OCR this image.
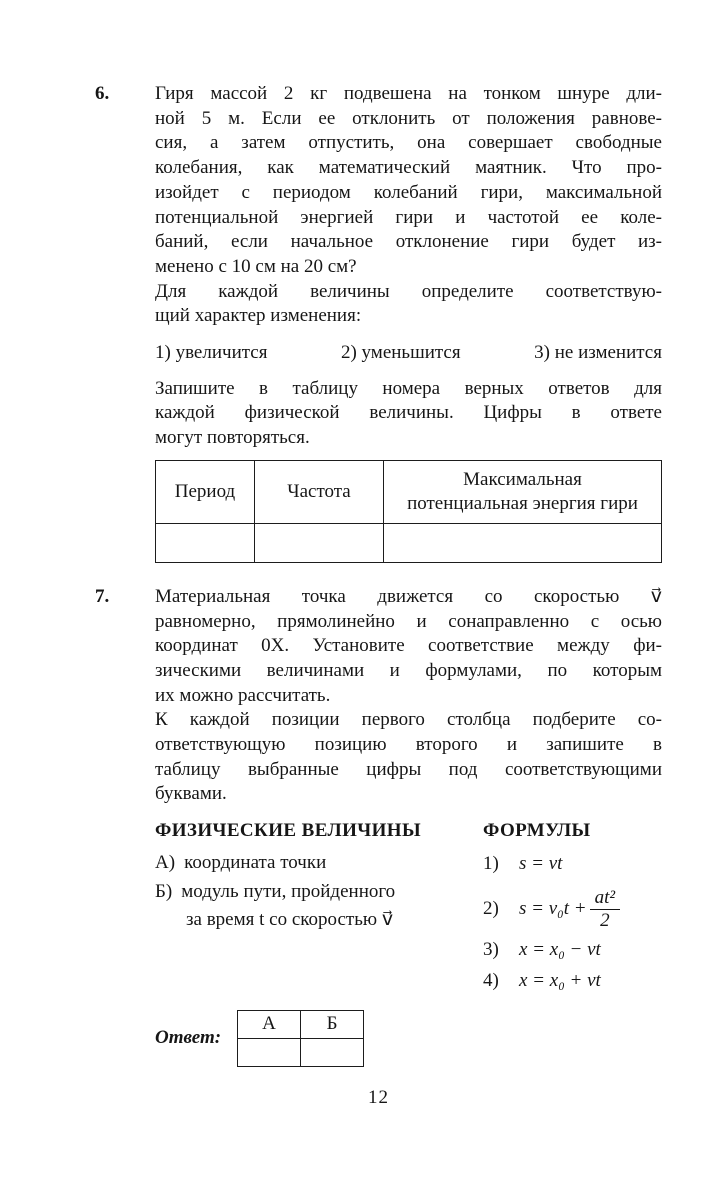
6.	Гиря массой 2 кг подвешена на тонком шнуре дли-
ной 5 м. Если ее отклонить от положения равнове-
сия, а затем отпустить, она совершает свободные
колебания, как математический маятник. Что про-
изойдет с периодом колебаний гири, максимальной
потенциальной энергией гири и частотой ее коле-
баний, если начальное отклонение гири будет из-
менено с 10 см на 20 см?
Для каждой величины определите соответствую-
щий характер изменения:
1) увеличится	2) уменьшится	3) не изменится
Запишите в таблицу номера верных ответов для
каждой физической величины. Цифры в ответе
могут повторяться.
Период	Частота	Максимальная
потенциальная энергия гири

7.	Материальная точка движется со скоростью v⃗
равномерно, прямолинейно и сонаправленно с осью
координат 0X. Установите соответствие между фи-
зическими величинами и формулами, по которым
их можно рассчитать.
К каждой позиции первого столбца подберите со-
ответствующую позицию второго и запишите в
таблицу выбранные цифры под соответствующими
буквами.
ФИЗИЧЕСКИЕ ВЕЛИЧИНЫ
А) координата точки
Б) модуль пути, пройденного
за время t со скоростью v⃗
ФОРМУЛЫ
1)	s = vt
2)	$s = v_0t + \frac{\text{at²}}{2}$
3)	x = x₀ − vt
4)	x = x₀ + vt
Ответ:
А	Б

12
